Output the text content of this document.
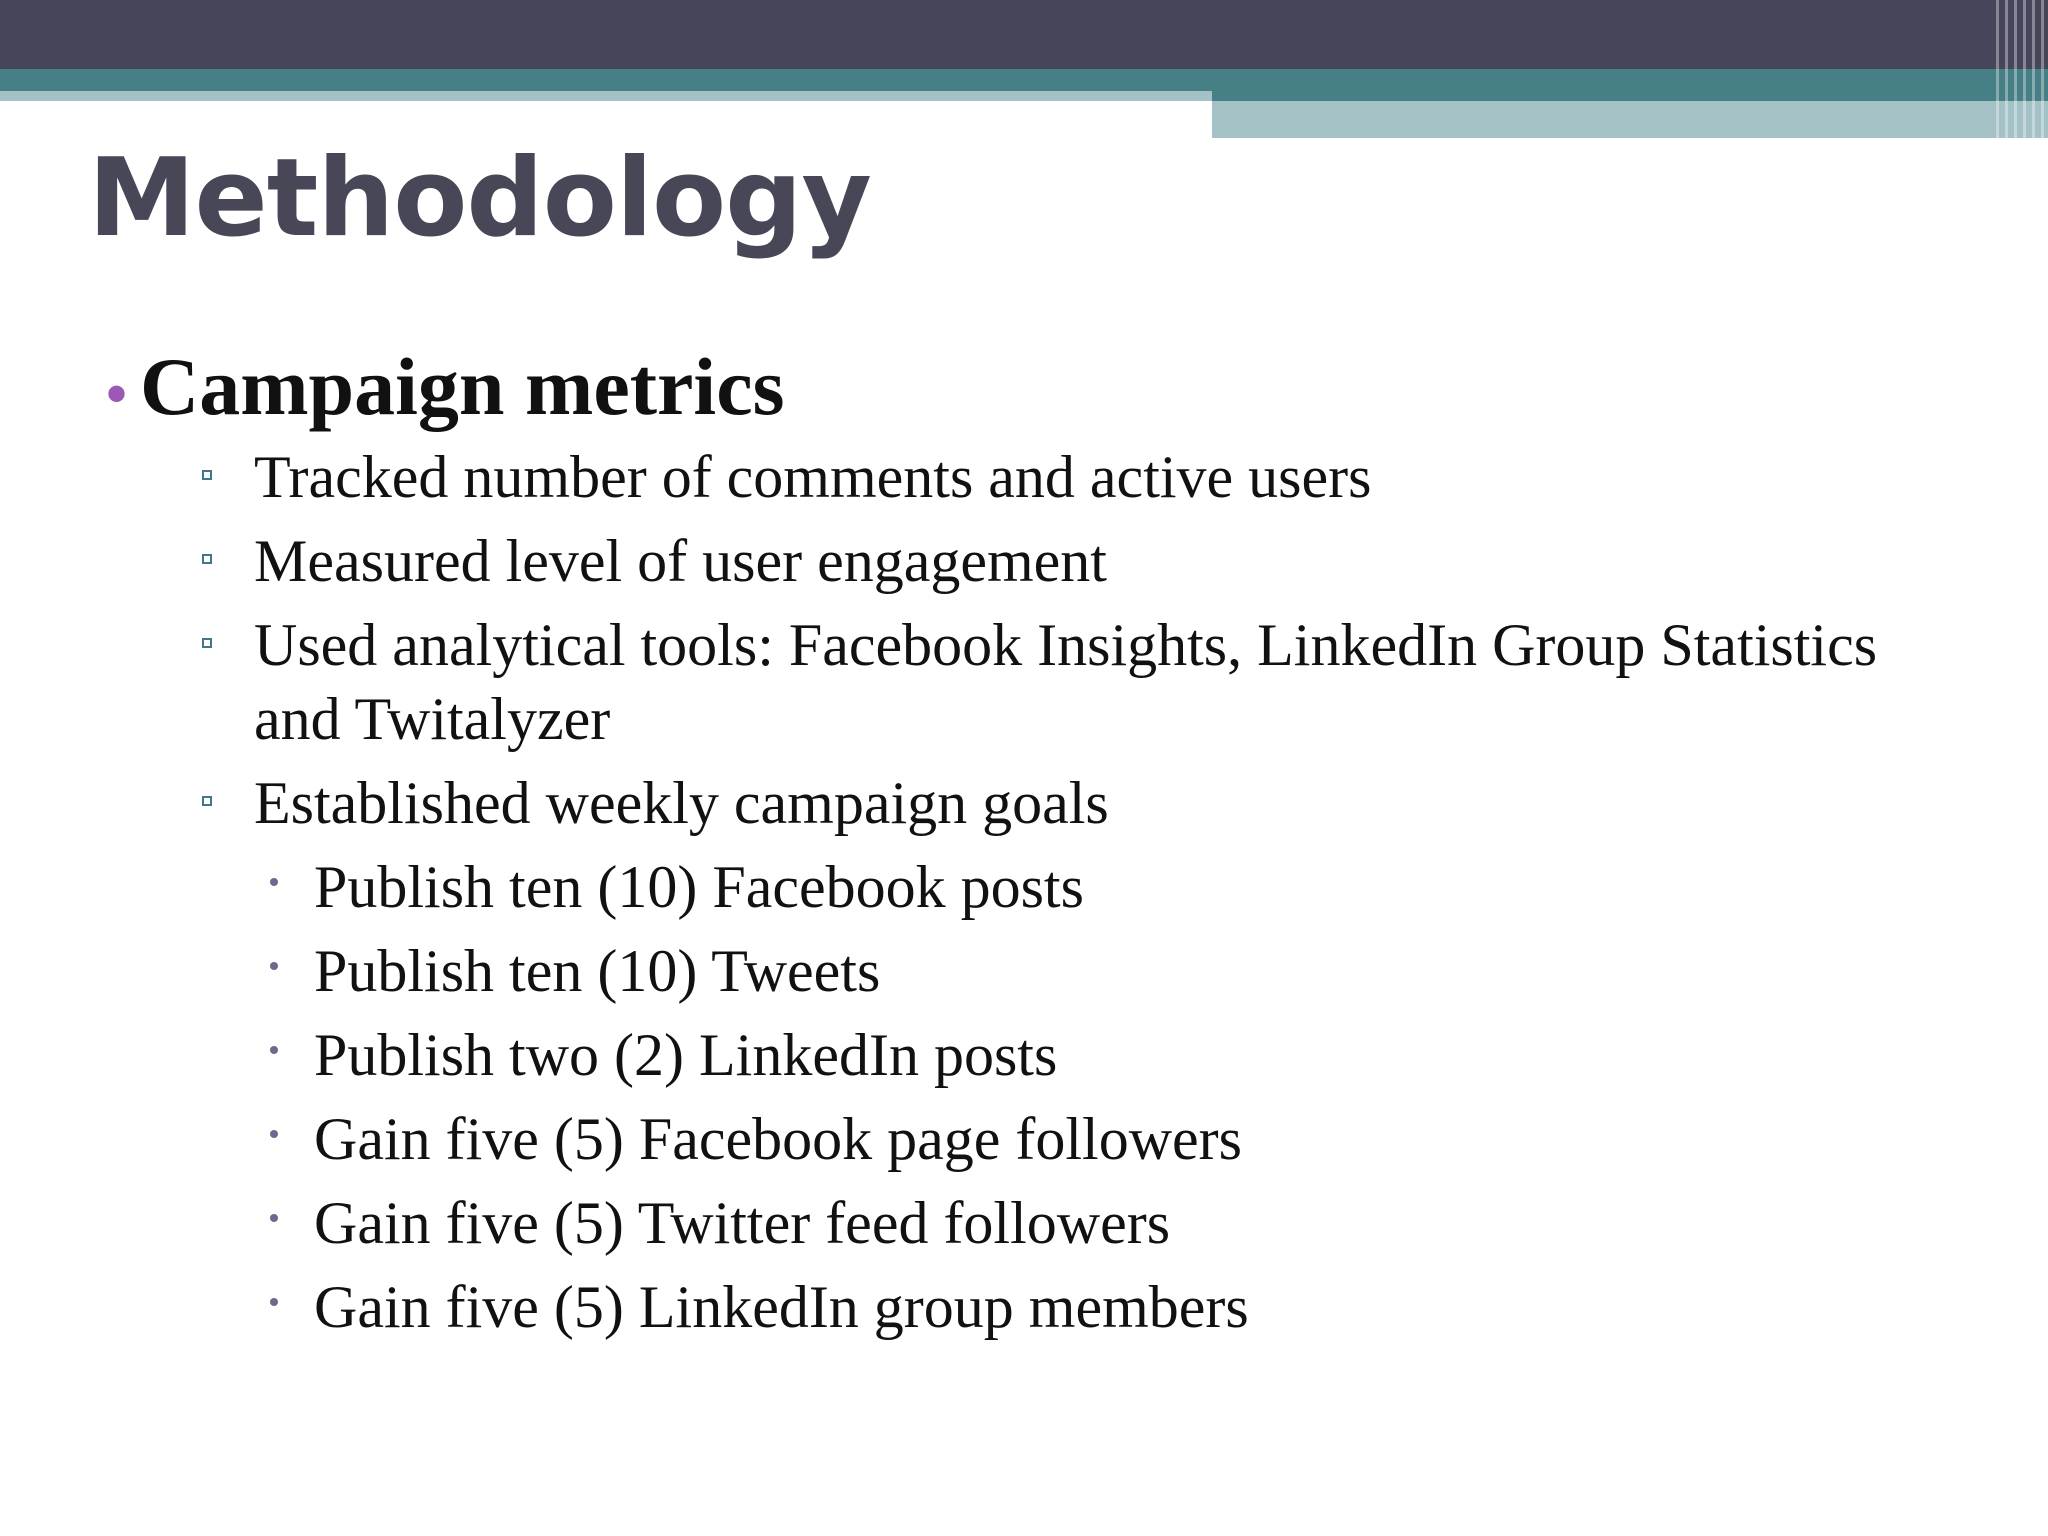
Methodology
• Campaign metrics
Tracked number of comments and active users
Measured level of user engagement
Used analytical tools: Facebook Insights, LinkedIn Group Statistics and Twitalyzer
Established weekly campaign goals
Publish ten (10) Facebook posts
Publish ten (10) Tweets
Publish two (2) LinkedIn posts
Gain five (5) Facebook page followers
Gain five (5) Twitter feed followers
Gain five (5) LinkedIn group members
